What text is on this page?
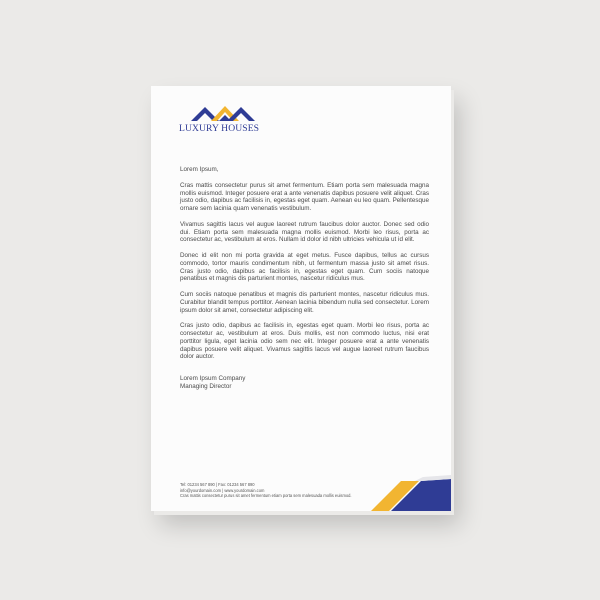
LUXURY HOUSES
Lorem Ipsum,

Cras mattis consectetur purus sit amet fermentum. Etiam porta sem malesuada magna mollis euismod. Integer posuere erat a ante venenatis dapibus posuere velit aliquet. Cras justo odio, dapibus ac facilisis in, egestas eget quam. Aenean eu leo quam. Pellentesque ornare sem lacinia quam venenatis vestibulum.

Vivamus sagittis lacus vel augue laoreet rutrum faucibus dolor auctor. Donec sed odio dui. Etiam porta sem malesuada magna mollis euismod. Morbi leo risus, porta ac consectetur ac, vestibulum at eros. Nullam id dolor id nibh ultricies vehicula ut id elit.

Donec id elit non mi porta gravida at eget metus. Fusce dapibus, tellus ac cursus commodo, tortor mauris condimentum nibh, ut fermentum massa justo sit amet risus. Cras justo odio, dapibus ac facilisis in, egestas eget quam. Cum sociis natoque penatibus et magnis dis parturient montes, nascetur ridiculus mus.

Cum sociis natoque penatibus et magnis dis parturient montes, nascetur ridiculus mus. Curabitur blandit tempus porttitor. Aenean lacinia bibendum nulla sed consectetur. Lorem ipsum dolor sit amet, consectetur adipiscing elit.

Cras justo odio, dapibus ac facilisis in, egestas eget quam. Morbi leo risus, porta ac consectetur ac, vestibulum at eros. Duis mollis, est non commodo luctus, nisi erat porttitor ligula, eget lacinia odio sem nec elit. Integer posuere erat a ante venenatis dapibus posuere velit aliquet. Vivamus sagittis lacus vel augue laoreet rutrum faucibus dolor auctor.

Lorem Ipsum Company
Managing Director
Tel: 01234 567 890 | Fax: 01234 567 890
info@yourdomain.com | www.yourdomain.com
Cras mattis consectetur purus sit amet fermentum etiam porta sem malesuada mollis euismod.
